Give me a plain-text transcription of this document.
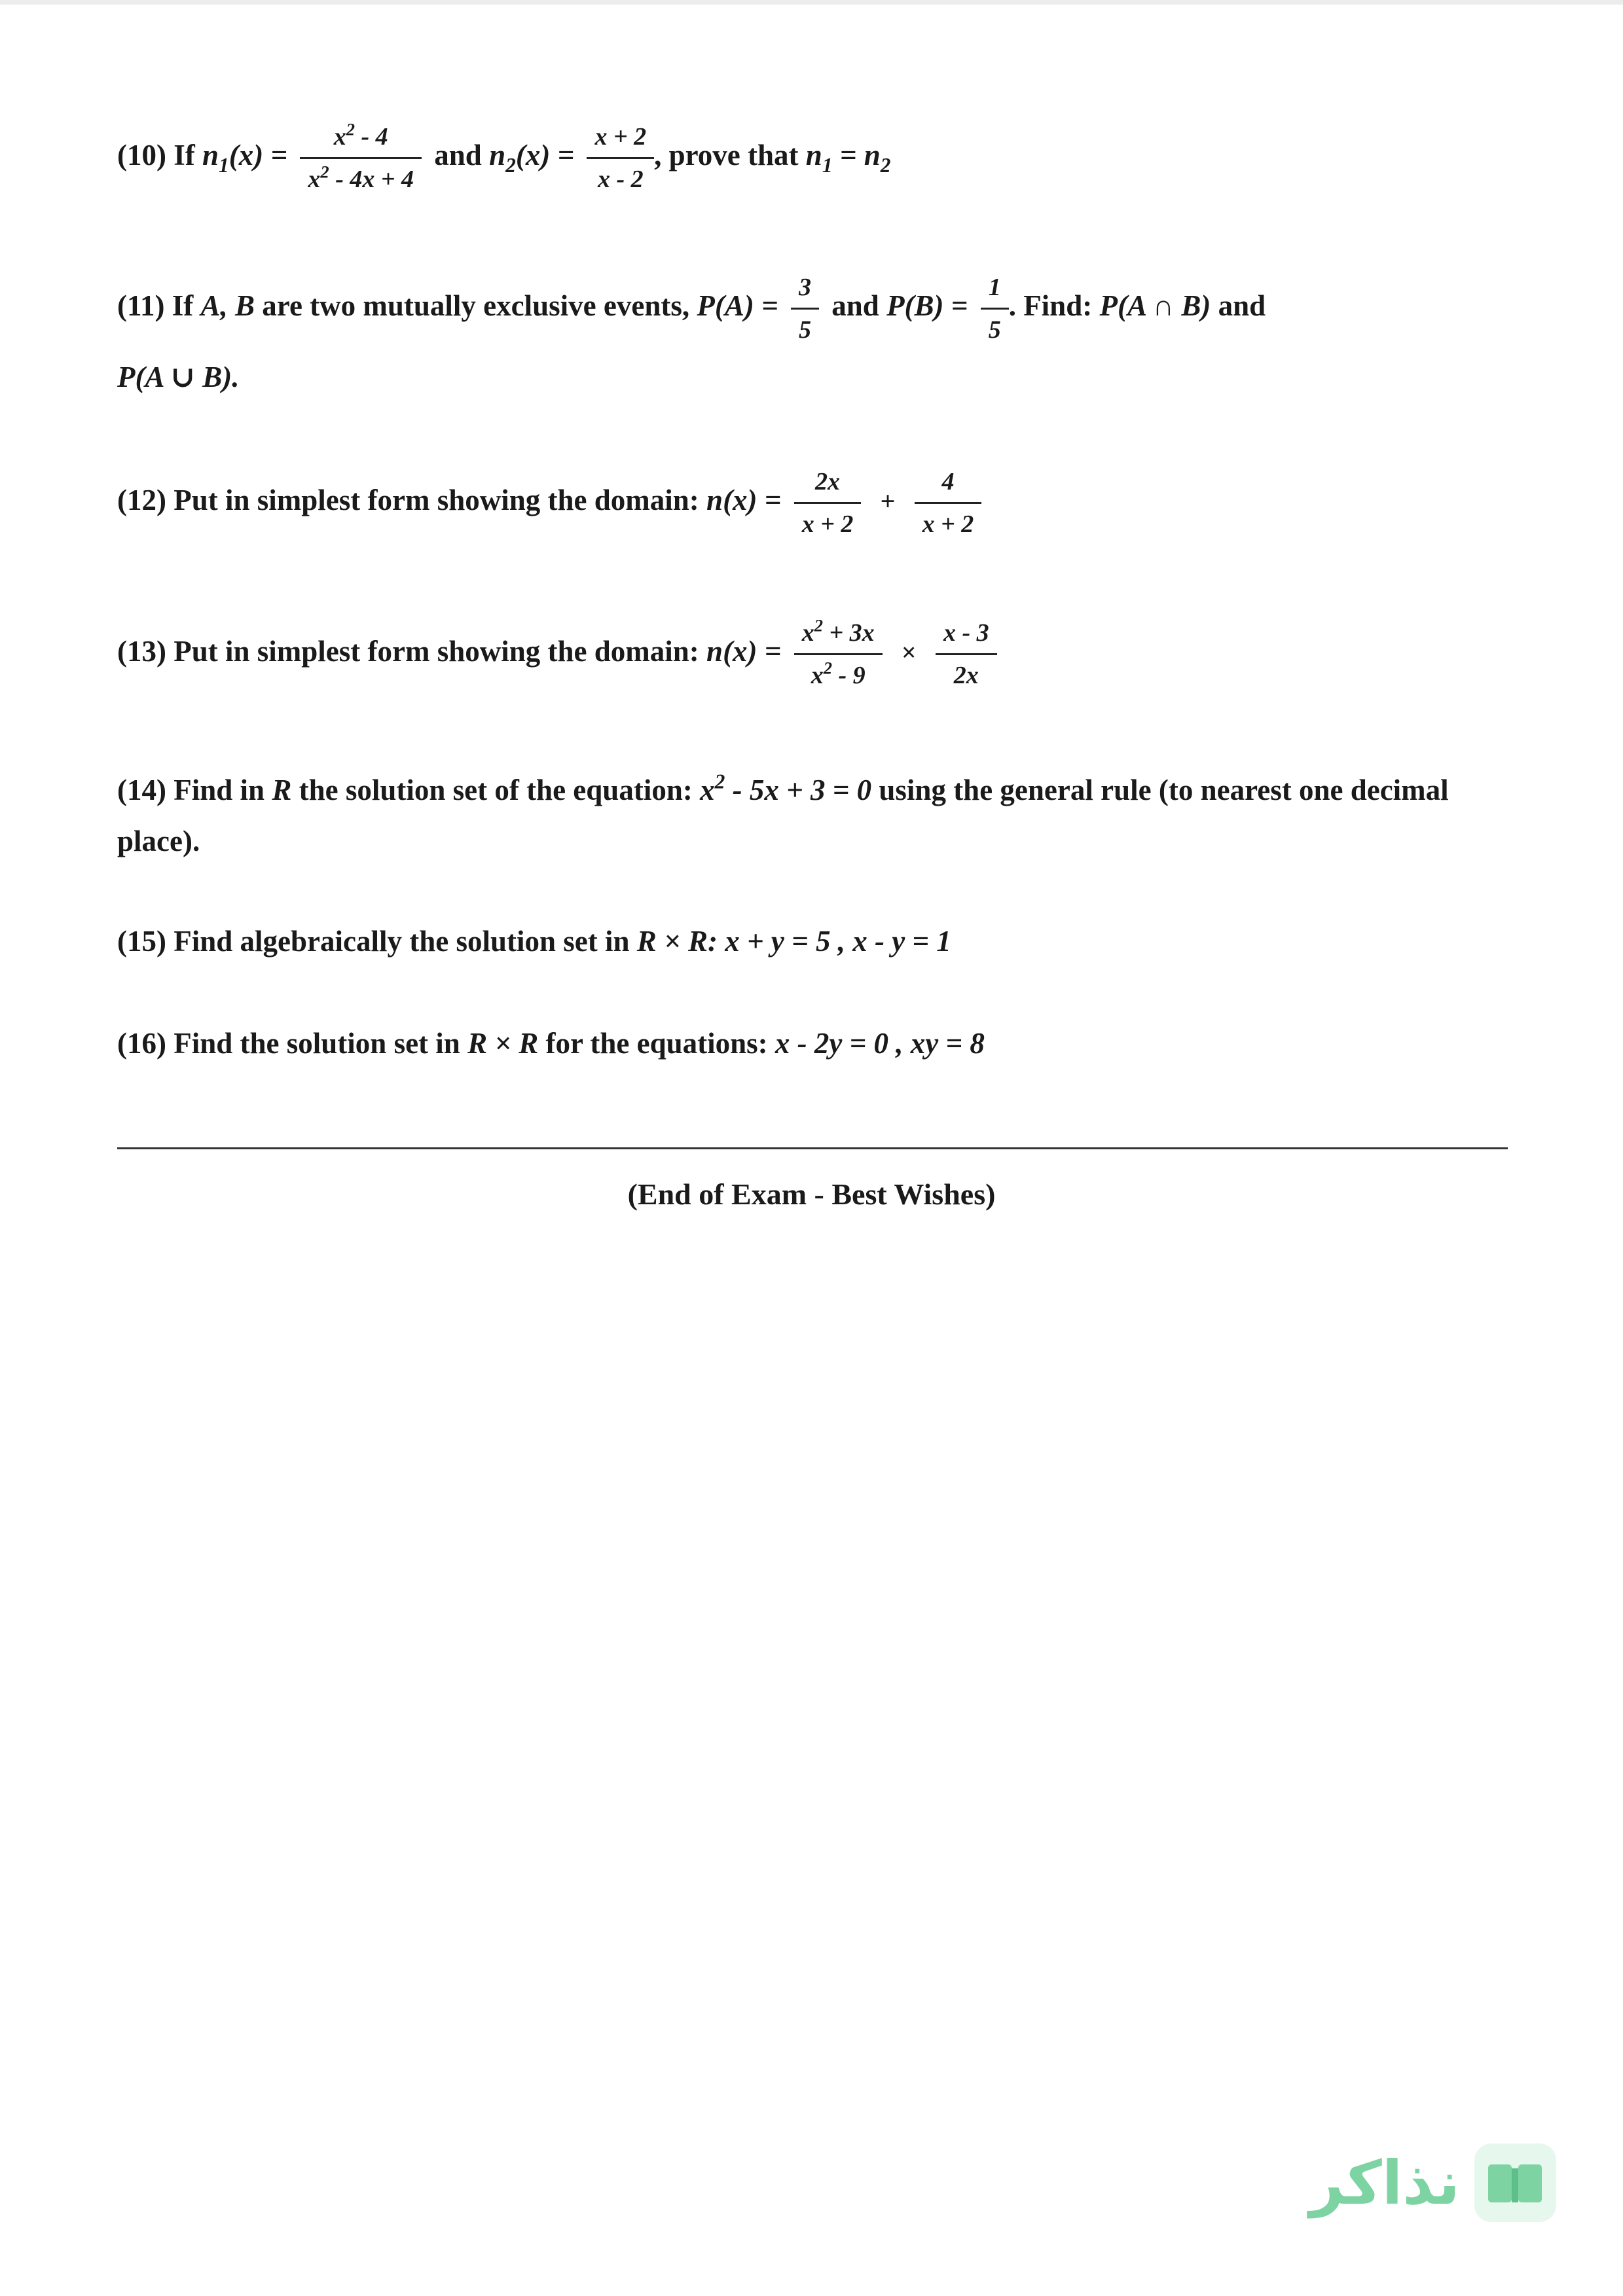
(10) If $n_1(x) = \frac{x^2 - 4}{x^2 - 4x + 4}$ and $n_2(x) = \frac{x + 2}{x - 2}$ , prove that $n_1 = n_2$
(11) If A, B are two mutually exclusive events, $P(A) = \frac{3}{5}$ and $P(B) = \frac{1}{5}$ . Find: P(A ∩ B) and
P(A ∪ B).
(12) Put in simplest form showing the domain: $n(x) = \frac{2x}{x + 2} + \frac{4}{x + 2}$
(13) Put in simplest form showing the domain: $n(x) = \frac{x^2 + 3x}{x^2 - 9} \times \frac{x - 3}{2x}$
(14) Find in R the solution set of the equation: $x^2 - 5x + 3 = 0$ using the general rule (to nearest one decimal place).
(15) Find algebraically the solution set in R × R: x + y = 5 , x - y = 1
(16) Find the solution set in R × R for the equations: x - 2y = 0 , xy = 8
(End of Exam - Best Wishes)
نذاكر
